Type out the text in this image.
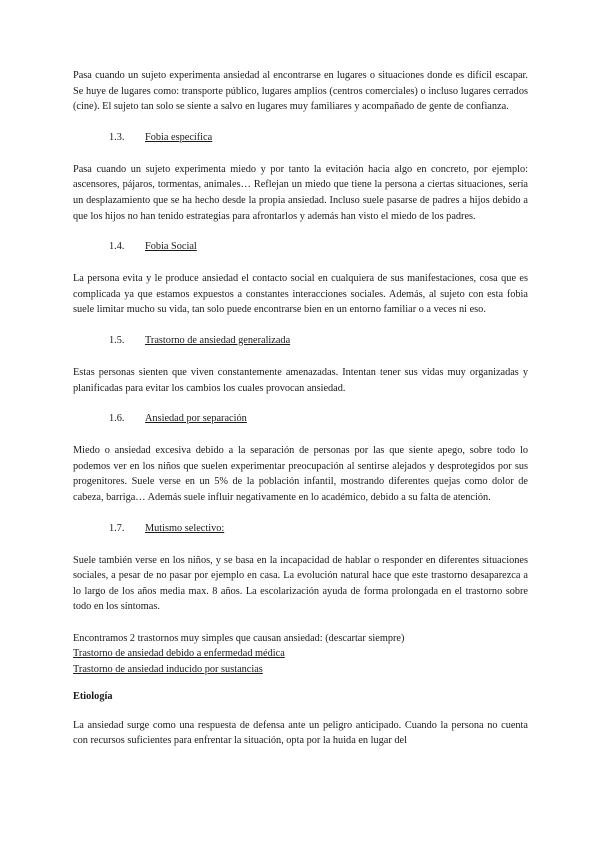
Pasa cuando un sujeto experimenta ansiedad al encontrarse en lugares o situaciones donde es difícil escapar. Se huye de lugares como: transporte público, lugares amplios (centros comerciales) o incluso lugares cerrados (cine). El sujeto tan solo se siente a salvo en lugares muy familiares y acompañado de gente de confianza.

1.3.	Fobia específica

Pasa cuando un sujeto experimenta miedo y por tanto la evitación hacia algo en concreto, por ejemplo: ascensores, pájaros, tormentas, animales… Reflejan un miedo que tiene la persona a ciertas situaciones, sería un desplazamiento que se ha hecho desde la propia ansiedad. Incluso suele pasarse de padres a hijos debido a que los hijos no han tenido estrategias para afrontarlos y además han visto el miedo de los padres.

1.4.	Fobia Social

La persona evita y le produce ansiedad el contacto social en cualquiera de sus manifestaciones, cosa que es complicada ya que estamos expuestos a constantes interacciones sociales. Además, al sujeto con esta fobia suele limitar mucho su vida, tan solo puede encontrarse bien en un entorno familiar o a veces ni eso.

1.5.	Trastorno de ansiedad generalizada

Estas personas sienten que viven constantemente amenazadas. Intentan tener sus vidas muy organizadas y planificadas para evitar los cambios los cuales provocan ansiedad.

1.6.	Ansiedad por separación

Miedo o ansiedad excesiva debido a la separación de personas por las que siente apego, sobre todo lo podemos ver en los niños que suelen experimentar preocupación al sentirse alejados y desprotegidos por sus progenitores. Suele verse en un 5% de la población infantil, mostrando diferentes quejas como dolor de cabeza, barriga… Además suele influir negativamente en lo académico, debido a su falta de atención.

1.7.	Mutismo selectivo:

Suele también verse en los niños, y se basa en la incapacidad de hablar o responder en diferentes situaciones sociales, a pesar de no pasar por ejemplo en casa. La evolución natural hace que este trastorno desaparezca a lo largo de los años media max. 8 años. La escolarización ayuda de forma prolongada en el trastorno sobre todo en los síntomas.

Encontramos 2 trastornos muy simples que causan ansiedad: (descartar siempre)

Trastorno de ansiedad debido a enfermedad médica

Trastorno de ansiedad inducido por sustancias

Etiología

La ansiedad surge como una respuesta de defensa ante un peligro anticipado. Cuando la persona no cuenta con recursos suficientes para enfrentar la situación, opta por la huida en lugar del
